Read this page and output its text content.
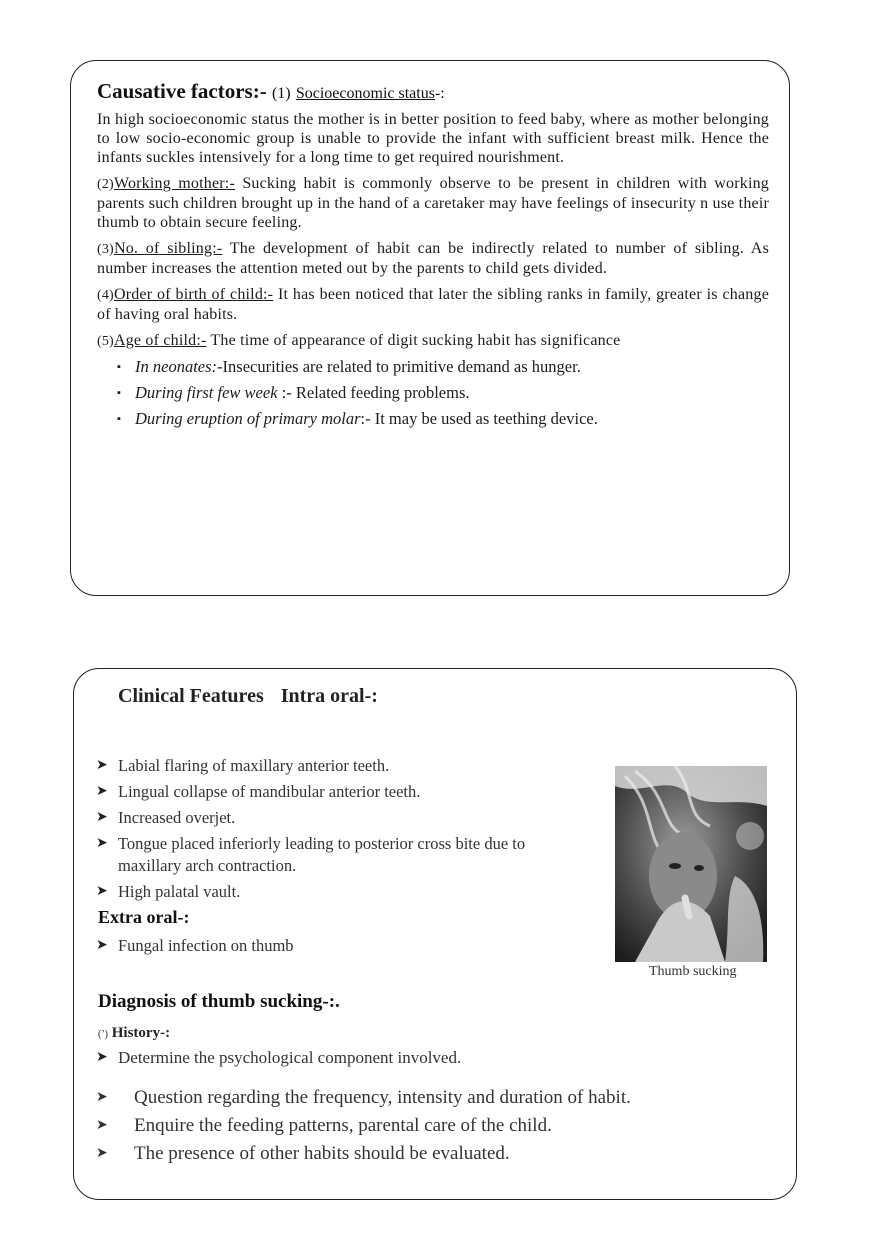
Causative factors:- (1) Socioeconomic status-:

In high socioeconomic status the mother is in better position to feed baby, where as mother belonging to low socio-economic group is unable to provide the infant with sufficient breast milk. Hence the infants suckles intensively for a long time to get required nourishment.

(2)Working mother:- Sucking habit is commonly observe to be present in children with working parents such children brought up in the hand of a caretaker may have feelings of insecurity n use their thumb to obtain secure feeling.

(3)No. of sibling:- The development of habit can be indirectly related to number of sibling. As number increases the attention meted out by the parents to child gets divided.

(4)Order of birth of child:- It has been noticed that later the sibling ranks in family, greater is change of having oral habits.

(5)Age of child:- The time of appearance of digit sucking habit has significance

▪ In neonates:-Insecurities are related to primitive demand as hunger.
▪ During first few week :- Related feeding problems.
▪ During eruption of primary molar:- It may be used as teething device.
Clinical Features Intra oral-:
➤ Labial flaring of maxillary anterior teeth.
➤ Lingual collapse of mandibular anterior teeth.
➤ Increased overjet.
➤ Tongue placed inferiorly leading to posterior cross bite due to maxillary arch contraction.
➤ High palatal vault.
Extra oral-:
➤ Fungal infection on thumb
Thumb sucking
Diagnosis of thumb sucking-:.
(’) History-:
➤ Determine the psychological component involved.
➤ Question regarding the frequency, intensity and duration of habit.
➤ Enquire the feeding patterns, parental care of the child.
➤ The presence of other habits should be evaluated.
